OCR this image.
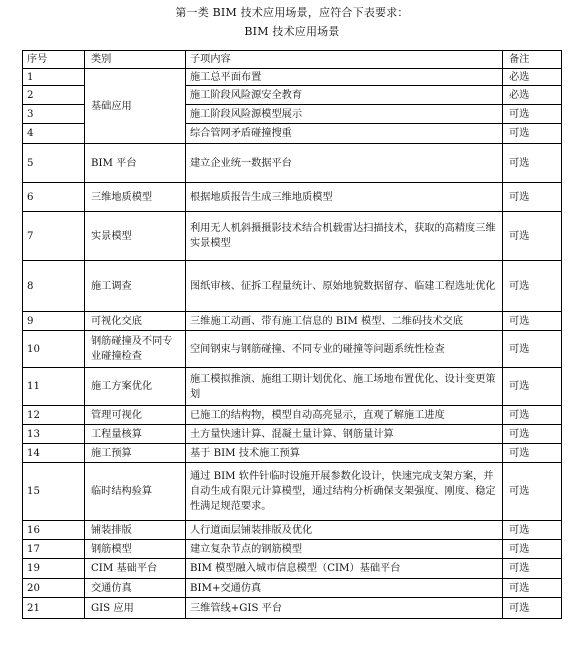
第一类 BIM 技术应用场景，应符合下表要求：
BIM 技术应用场景
序号	类别	子项内容	备注
1	基础应用	施工总平面布置	必选
2		施工阶段风险源安全教育	必选
3		施工阶段风险源模型展示	可选
4		综合管网矛盾碰撞搜重	可选
5	BIM 平台	建立企业统一数据平台	可选
6	三维地质模型	根据地质报告生成三维地质模型	可选
7	实景模型	利用无人机斜摄摄影技术结合机载雷达扫描技术，获取的高精度三维实景模型	可选
8	施工调查	图纸审核、征拆工程量统计、原始地貌数据留存、临建工程选址优化	可选
9	可视化交底	三维施工动画、带有施工信息的 BIM 模型、二维码技术交底	可选
10	钢筋碰撞及不同专业碰撞检查	空间钢束与钢筋碰撞、不同专业的碰撞等问题系统性检查	可选
11	施工方案优化	施工模拟推演、施组工期计划优化、施工场地布置优化、设计变更策划	可选
12	管理可视化	已施工的结构物，模型自动高亮显示，直观了解施工进度	可选
13	工程量核算	土方量快速计算、混凝土量计算、钢筋量计算	可选
14	施工预算	基于 BIM 技术施工预算	可选
15	临时结构验算	通过 BIM 软件针临时设施开展参数化设计，快速完成支架方案，并自动生成有限元计算模型，通过结构分析确保支架强度、刚度、稳定性满足规范要求。	可选
16	铺装排版	人行道面层铺装排版及优化	可选
17	钢筋模型	建立复杂节点的钢筋模型	可选
19	CIM 基础平台	BIM 模型融入城市信息模型（CIM）基础平台	可选
20	交通仿真	BIM+交通仿真	可选
21	GIS 应用	三维管线+GIS 平台	可选
